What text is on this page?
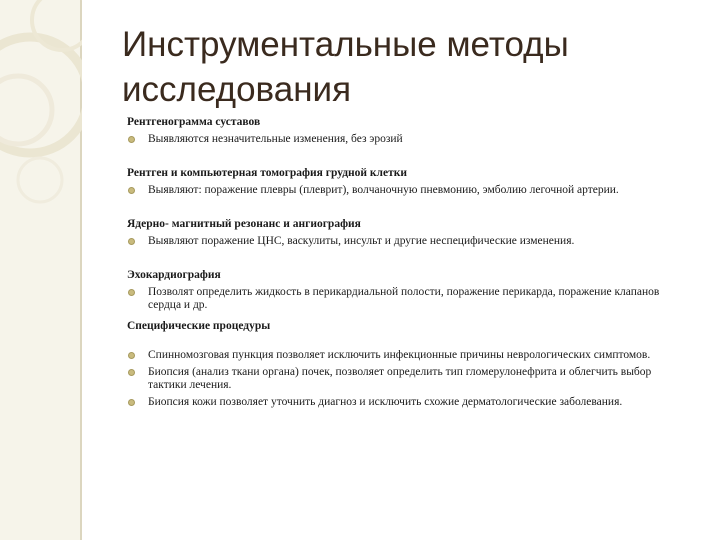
Инструментальные методы
исследования

Рентгенограмма суставов

Выявляются незначительные изменения, без эрозий

Рентген и компьютерная томография грудной клетки

Выявляют: поражение плевры (плеврит), волчаночную пневмонию, эмболию легочной артерии.

Ядерно- магнитный резонанс и ангиография

Выявляют поражение ЦНС, васкулиты, инсульт и другие неспецифические изменения.

Эхокардиография

Позволят определить жидкость в перикардиальной полости, поражение перикарда, поражение клапанов сердца и др.

Специфические процедуры

Спинномозговая пункция позволяет исключить инфекционные причины неврологических симптомов.
Биопсия (анализ ткани органа) почек, позволяет определить тип гломерулонефрита и облегчить выбор тактики лечения.
Биопсия кожи позволяет уточнить диагноз и исключить схожие дерматологические заболевания.
